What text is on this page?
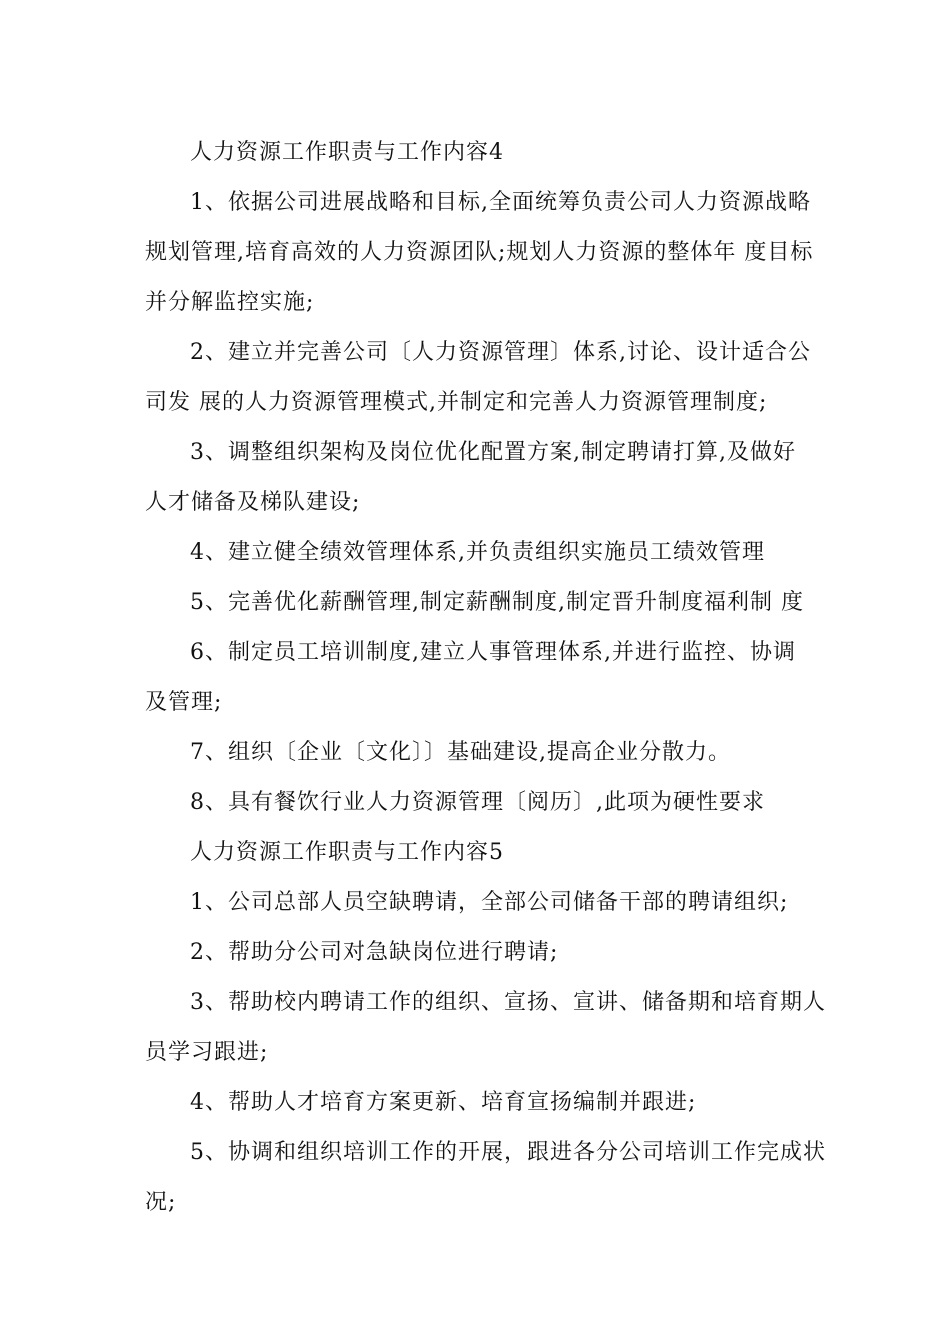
人力资源工作职责与工作内容4
1、依据公司进展战略和目标,全面统筹负责公司人力资源战略
规划管理,培育高效的人力资源团队;规划人力资源的整体年 度目标
并分解监控实施;
2、建立并完善公司〔人力资源管理〕体系,讨论、设计适合公
司发 展的人力资源管理模式,并制定和完善人力资源管理制度;
3、调整组织架构及岗位优化配置方案,制定聘请打算,及做好
人才储备及梯队建设;
4、建立健全绩效管理体系,并负责组织实施员工绩效管理
5、完善优化薪酬管理,制定薪酬制度,制定晋升制度福利制 度
6、制定员工培训制度,建立人事管理体系,并进行监控、协调
及管理;
7、组织〔企业〔文化〕〕基础建设,提高企业分散力。
8、具有餐饮行业人力资源管理〔阅历〕,此项为硬性要求
人力资源工作职责与工作内容5
1、公司总部人员空缺聘请，全部公司储备干部的聘请组织;
2、帮助分公司对急缺岗位进行聘请;
3、帮助校内聘请工作的组织、宣扬、宣讲、储备期和培育期人
员学习跟进;
4、帮助人才培育方案更新、培育宣扬编制并跟进;
5、协调和组织培训工作的开展，跟进各分公司培训工作完成状
况;
